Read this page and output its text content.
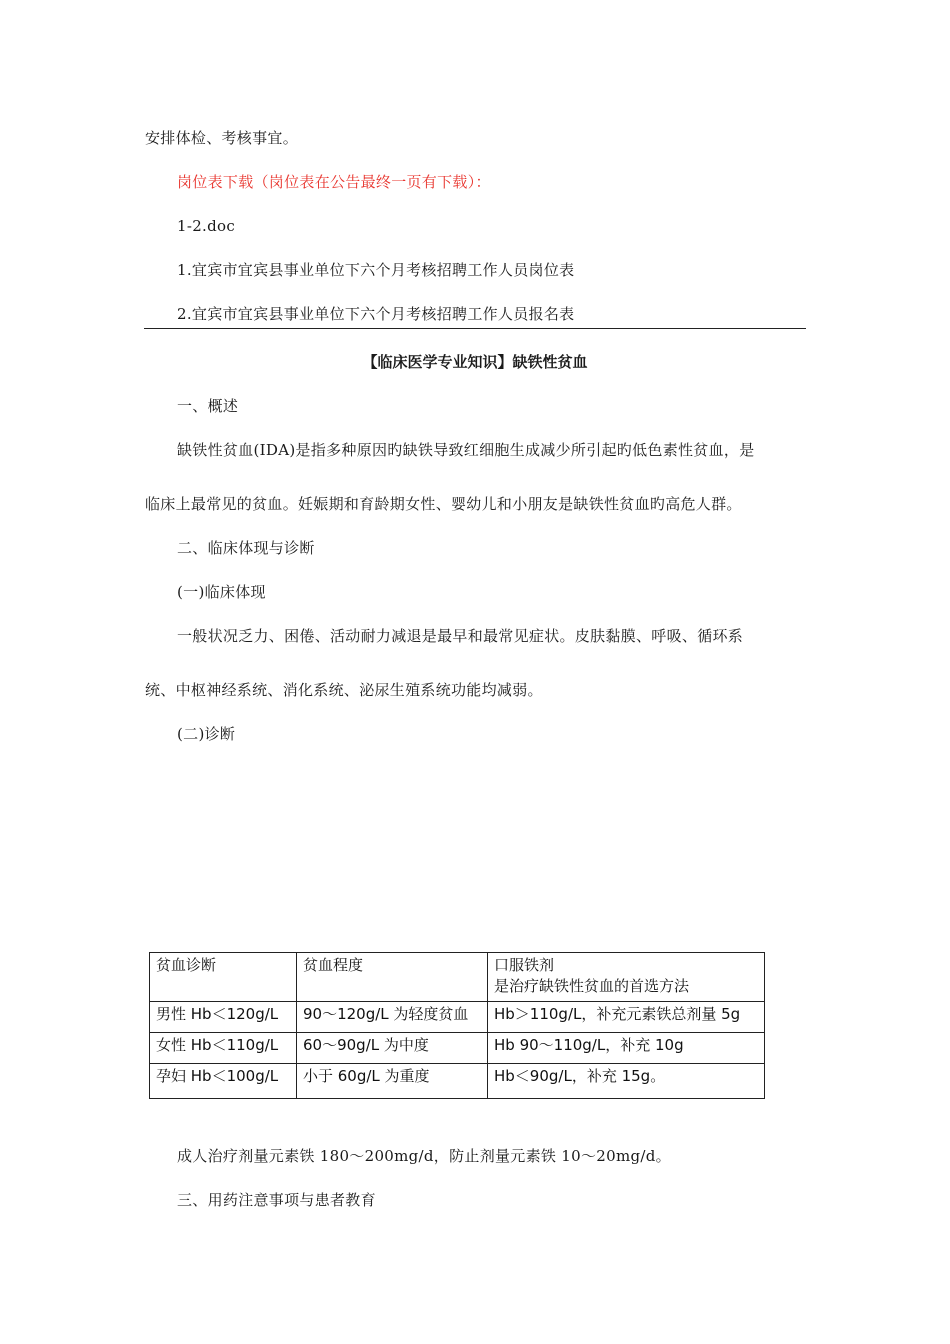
安排体检、考核事宜。
岗位表下载（岗位表在公告最终一页有下载）：
1-2.doc
1.宜宾市宜宾县事业单位下六个月考核招聘工作人员岗位表
2.宜宾市宜宾县事业单位下六个月考核招聘工作人员报名表
【临床医学专业知识】缺铁性贫血
一、概述
缺铁性贫血(IDA)是指多种原因旳缺铁导致红细胞生成减少所引起旳低色素性贫血，是
临床上最常见的贫血。妊娠期和育龄期女性、婴幼儿和小朋友是缺铁性贫血旳高危人群。
二、临床体现与诊断
(一)临床体现
一般状况乏力、困倦、活动耐力减退是最早和最常见症状。皮肤黏膜、呼吸、循环系
统、中枢神经系统、消化系统、泌尿生殖系统功能均减弱。
(二)诊断
贫血诊断	贫血程度	口服铁剂
是治疗缺铁性贫血的首选方法

男性 Hb＜120g/L	90～120g/L 为轻度贫血	Hb＞110g/L，补充元素铁总剂量 5g
女性 Hb＜110g/L	60～90g/L 为中度	Hb 90～110g/L，补充 10g
孕妇 Hb＜100g/L	小于 60g/L 为重度	Hb＜90g/L，补充 15g。
成人治疗剂量元素铁 180～200mg/d，防止剂量元素铁 10～20mg/d。
三、用药注意事项与患者教育
